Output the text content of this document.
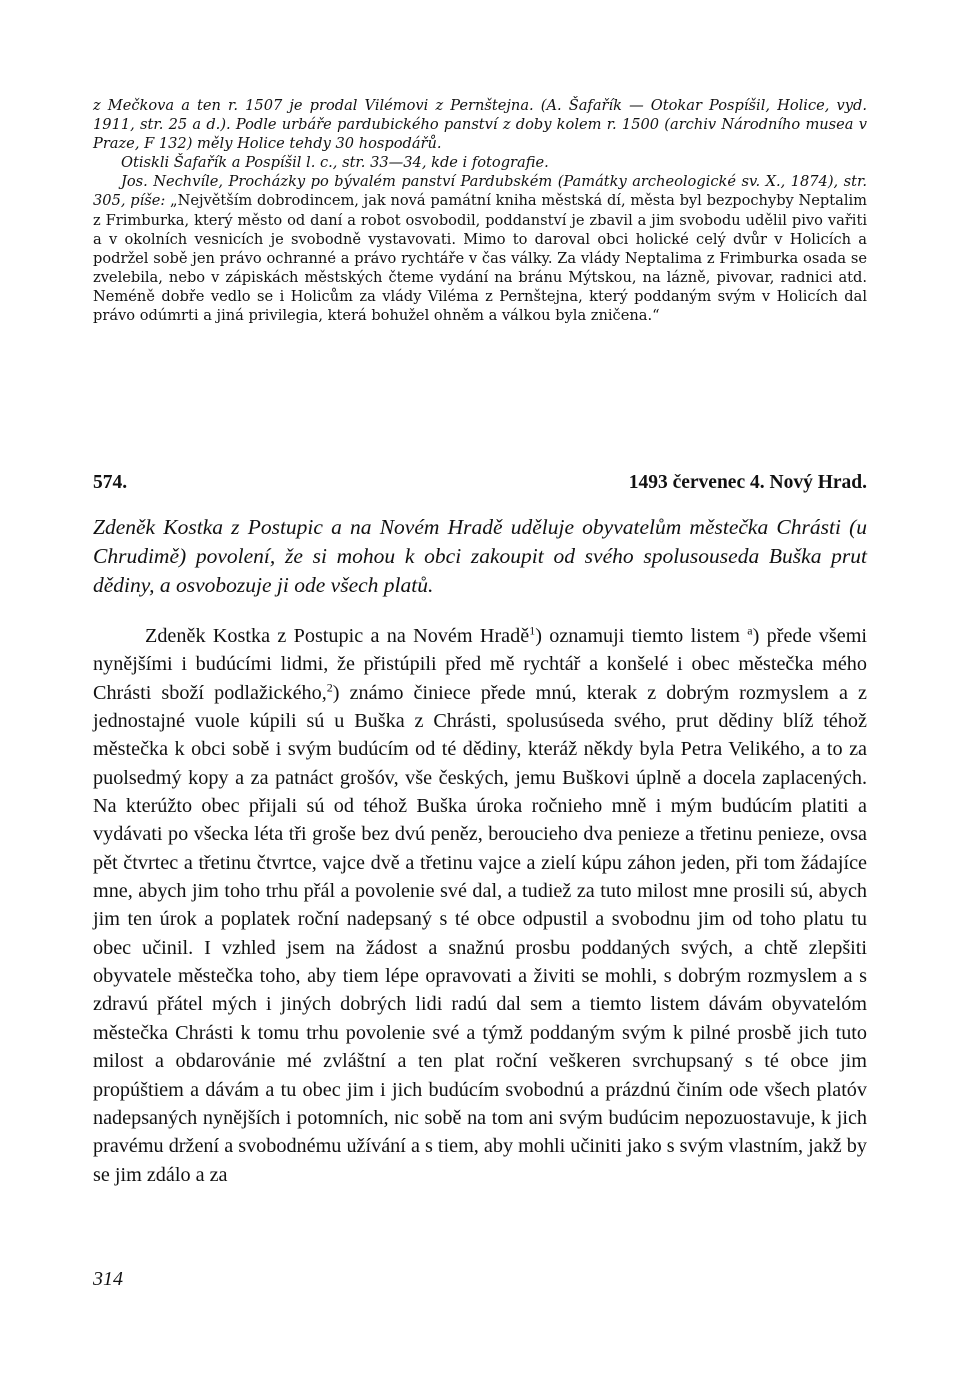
z Mečkova a ten r. 1507 je prodal Vilémovi z Pernštejna. (A. Šafařík — Otokar Pospíšil, Holice, vyd. 1911, str. 25 a d.). Podle urbáře pardubického panství z doby kolem r. 1500 (archiv Národního musea v Praze, F 132) měly Holice tehdy 30 hospodářů.

Otiskli Šafařík a Pospíšil l. c., str. 33—34, kde i fotografie.

Jos. Nechvíle, Procházky po bývalém panství Pardubském (Památky archeologické sv. X., 1874), str. 305, píše: „Největším dobrodincem, jak nová památní kniha městská dí, města byl bezpochyby Neptalim z Frimburka, který město od daní a robot osvobodil, poddanství je zbavil a jim svobodu udělil pivo vařiti a v okolních vesnicích je svobodně vystavovati. Mimo to daroval obci holické celý dvůr v Holicích a podržel sobě jen právo ochranné a právo rychtáře v čas války. Za vlády Neptalima z Frimburka osada se zvelebila, nebo v zápiskách městských čteme vydání na bránu Mýtskou, na lázně, pivovar, radnici atd. Neméně dobře vedlo se i Holicům za vlády Viléma z Pernštejna, který poddaným svým v Holicích dal právo odúmrti a jiná privilegia, která bohužel ohněm a válkou byla zničena.“

574.	1493 červenec 4. Nový Hrad.
Zdeněk Kostka z Postupic a na Novém Hradě uděluje obyvatelům městečka Chrásti (u Chrudimě) povolení, že si mohou k obci zakoupit od svého spolusouseda Buška prut dědiny, a osvobozuje ji ode všech platů.

Zdeněk Kostka z Postupic a na Novém Hradě$^1$) oznamuji tiemto listem $^a$) přede všemi nynějšími i budúcími lidmi, že přistúpili před mě rychtář a konšelé i obec městečka mého Chrásti sboží podlažického,$^2$) známo činiece přede mnú, kterak z dobrým rozmyslem a z jednostajné vuole kúpili sú u Buška z Chrásti, spolusúseda svého, prut dědiny blíž téhož městečka k obci sobě i svým budúcím od té dědiny, kteráž někdy byla Petra Velikého, a to za puolsedmý kopy a za patnáct grošóv, vše českých, jemu Buškovi úplně a docela zaplacených. Na kterúžto obec přijali sú od téhož Buška úroka ročnieho mně i mým budúcím platiti a vydávati po všecka léta tři groše bez dvú peněz, beroucieho dva penieze a třetinu penieze, ovsa pět čtvrtec a třetinu čtvrtce, vajce dvě a třetinu vajce a zielí kúpu záhon jeden, při tom žádajíce mne, abych jim toho trhu přál a povolenie své dal, a tudiež za tuto milost mne prosili sú, abych jim ten úrok a poplatek roční nadepsaný s té obce odpustil a svobodnu jim od toho platu tu obec učinil. I vzhled jsem na žádost a snažnú prosbu poddaných svých, a chtě zlepšiti obyvatele městečka toho, aby tiem lépe opravovati a živiti se mohli, s dobrým rozmyslem a s zdravú přátel mých i jiných dobrých lidi radú dal sem a tiemto listem dávám obyvatelóm městečka Chrásti k tomu trhu povolenie své a týmž poddaným svým k pilné prosbě jich tuto milost a obdarovánie mé zvláštní a ten plat roční veškeren svrchupsaný s té obce jim propúštiem a dávám a tu obec jim i jich budúcím svobodnú a prázdnú činím ode všech platóv nadepsaných nynějších i potomních, nic sobě na tom ani svým budúcim nepozuostavuje, k jich pravému držení a svobodnému užívání a s tiem, aby mohli učiniti jako s svým vlastním, jakž by se jim zdálo a za

314
